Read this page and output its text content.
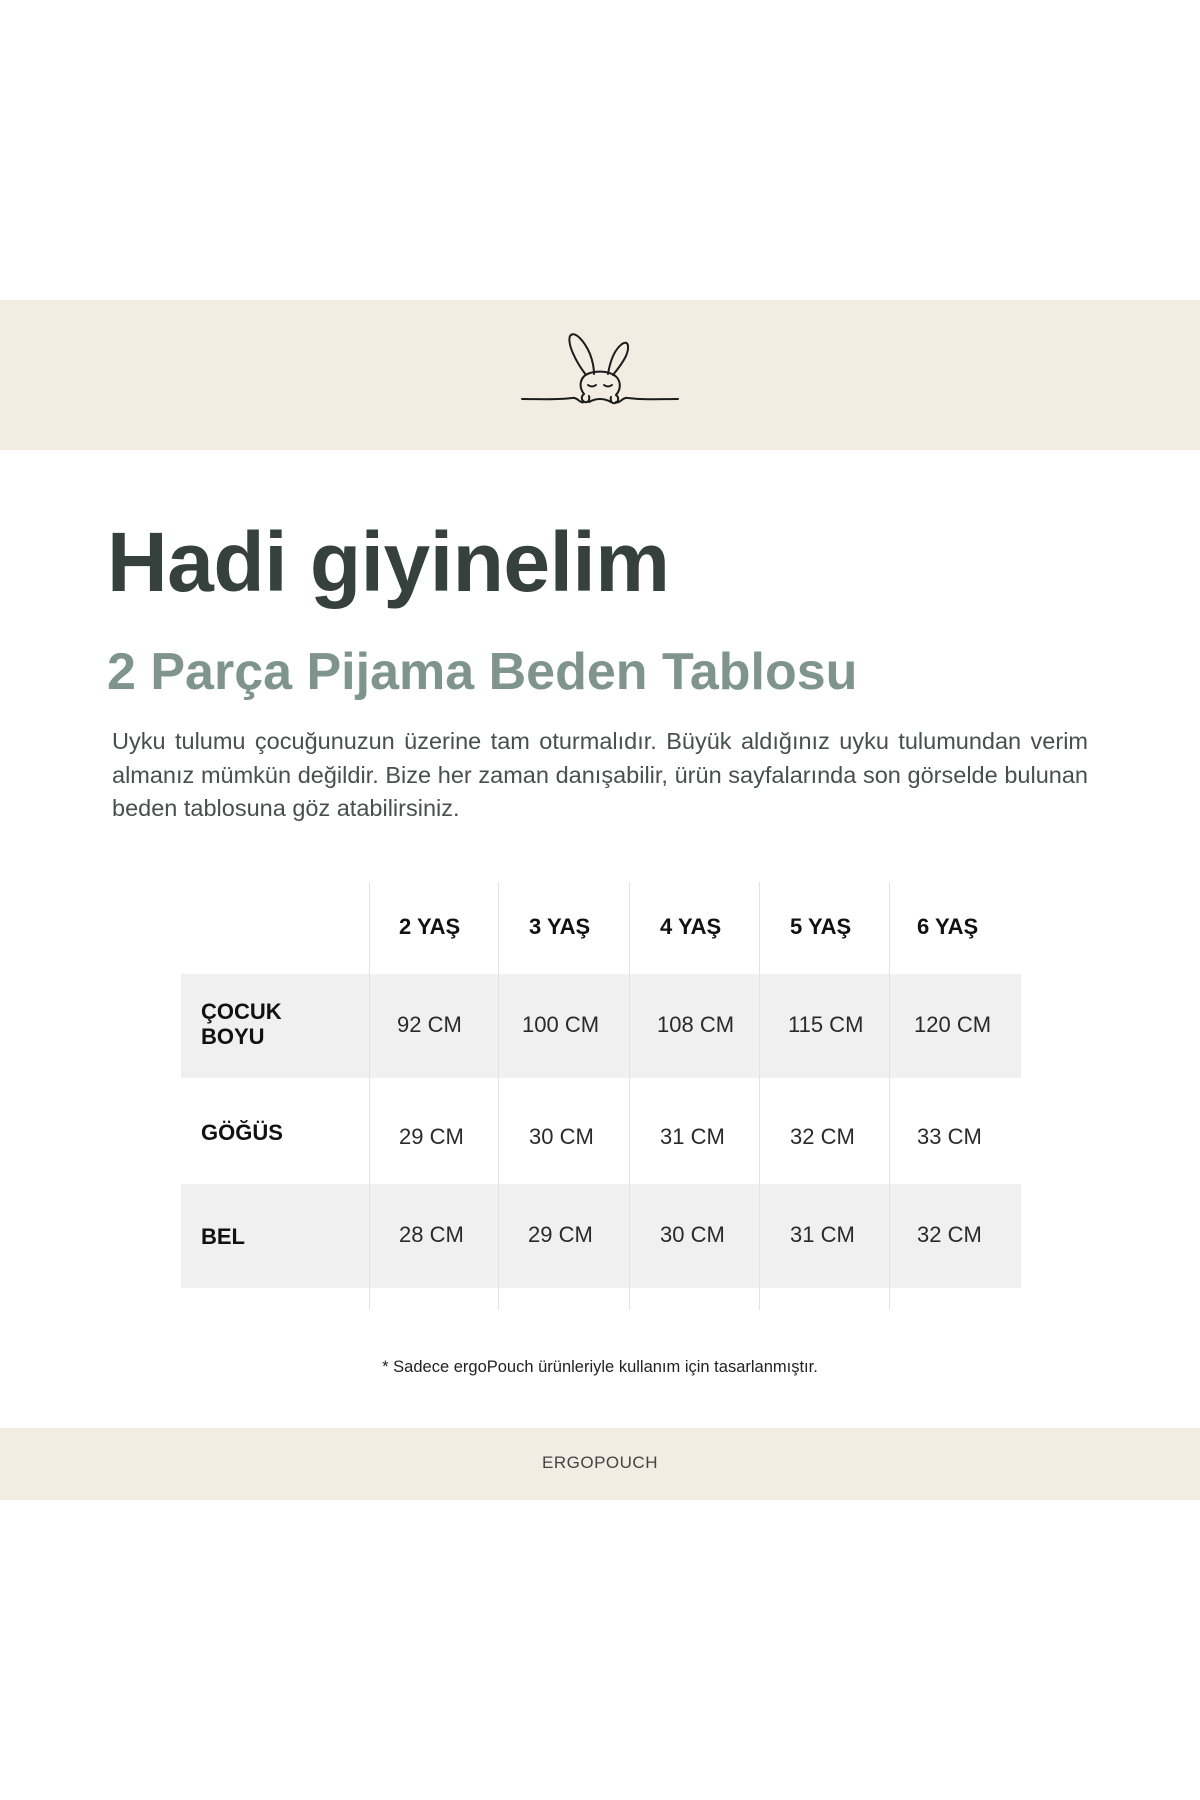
Hadi giyinelim
2 Parça Pijama Beden Tablosu

Uyku tulumu çocuğunuzun üzerine tam oturmalıdır. Büyük aldığınız uyku tulumundan verim almanız mümkün değildir. Bize her zaman danışabilir, ürün sayfalarında son görselde bulunan beden tablosuna göz atabilirsiniz.

2 YAŞ	3 YAŞ	4 YAŞ	5 YAŞ	6 YAŞ
ÇOCUK
BOYU	92 CM	100 CM	108 CM 115 CM 120 CM
GÖĞÜS	29 CM	30 CM	31 CM	32 CM	33 CM
BEL	28 CM	29 CM	30 CM	31 CM	32 CM

* Sadece ergoPouch ürünleriyle kullanım için tasarlanmıştır.

ERGOPOUCH
